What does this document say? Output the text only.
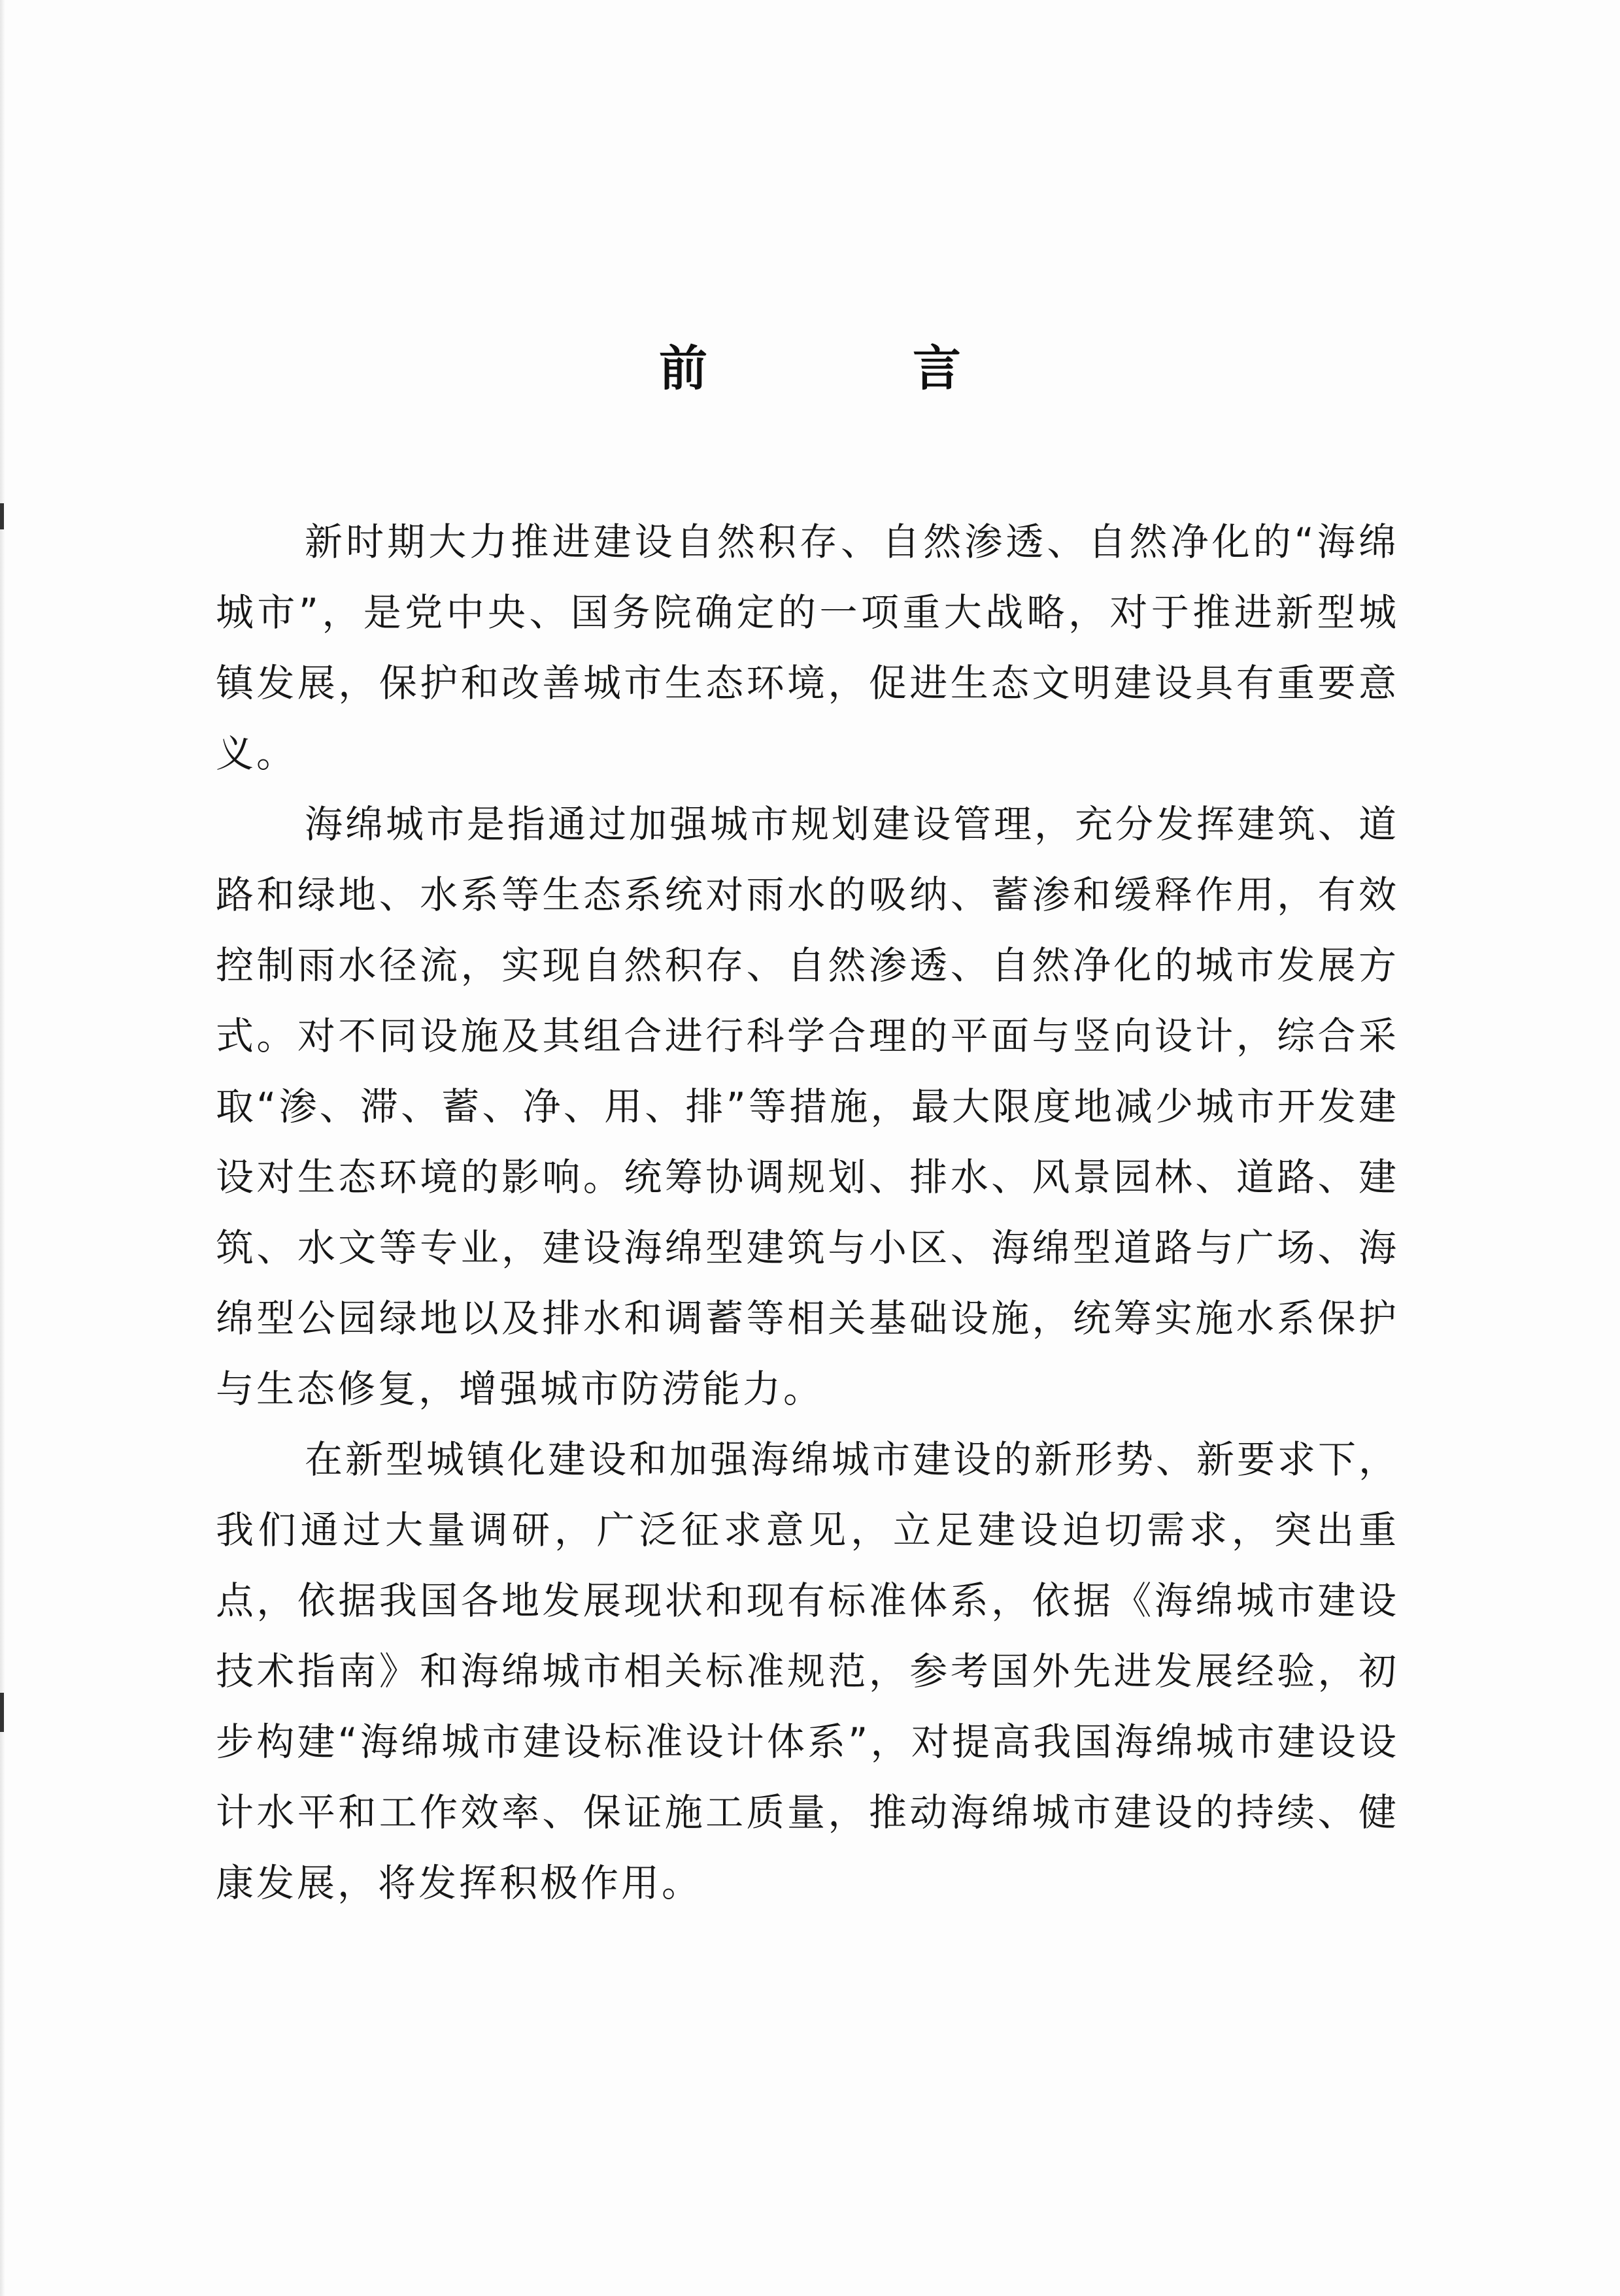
前　言

新时期大力推进建设自然积存、自然渗透、自然净化的“海绵城市”，是党中央、国务院确定的一项重大战略，对于推进新型城镇发展，保护和改善城市生态环境，促进生态文明建设具有重要意义。

海绵城市是指通过加强城市规划建设管理，充分发挥建筑、道路和绿地、水系等生态系统对雨水的吸纳、蓄渗和缓释作用，有效控制雨水径流，实现自然积存、自然渗透、自然净化的城市发展方式。对不同设施及其组合进行科学合理的平面与竖向设计，综合采取“渗、滞、蓄、净、用、排”等措施，最大限度地减少城市开发建设对生态环境的影响。统筹协调规划、排水、风景园林、道路、建筑、水文等专业，建设海绵型建筑与小区、海绵型道路与广场、海绵型公园绿地以及排水和调蓄等相关基础设施，统筹实施水系保护与生态修复，增强城市防涝能力。

在新型城镇化建设和加强海绵城市建设的新形势、新要求下，我们通过大量调研，广泛征求意见，立足建设迫切需求，突出重点，依据我国各地发展现状和现有标准体系，依据《海绵城市建设技术指南》和海绵城市相关标准规范，参考国外先进发展经验，初步构建“海绵城市建设标准设计体系”，对提高我国海绵城市建设设计水平和工作效率、保证施工质量，推动海绵城市建设的持续、健康发展，将发挥积极作用。
